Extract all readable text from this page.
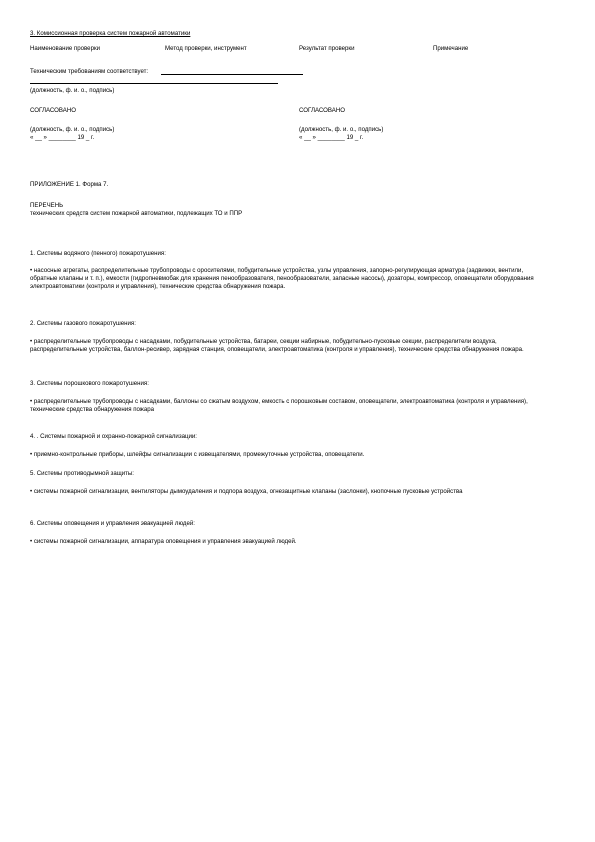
3. Комиссионная проверка систем пожарной автоматики
Наименование проверки	Метод проверки, инструмент	Результат проверки	Примечание
Техническим требованиям соответствует:
(должность, ф. и. о., подпись)
СОГЛАСОВАНО
(должность, ф. и. о., подпись)
« __ » ________ 19 _ г.
СОГЛАСОВАНО
(должность, ф. и. о., подпись)
« __ » ________ 19 _ г.
ПРИЛОЖЕНИЕ 1. Форма 7.
ПЕРЕЧЕНЬ
технических средств систем пожарной автоматики, подлежащих ТО и ППР
1. Системы водяного (пенного) пожаротушения:
• насосные агрегаты, распределительные трубопроводы с оросителями, побудительные устройства, узлы управления, запорно-регулирующая арматура (задвижки, вентили, обратные клапаны и т. п.), емкости (гидропневмобак для хранения пенообразователя, пенообразователи, запасные насосы), дозаторы, компрессор, оповещатели оборудования электроавтоматики (контроля и управления), технические средства обнаружения пожара.
2. Системы газового пожаротушения:
• распределительные трубопроводы с насадками, побудительные устройства, батареи, секции набирные, побудительно-пусковые секции, распределители воздуха, распределительные устройства, баллон-ресивер, зарядная станция, оповещатели, электроавтоматика (контроля и управления), технические средства обнаружения пожара.
3. Системы порошкового пожаротушения:
• распределительные трубопроводы с насадками, баллоны со сжатым воздухом, емкость с порошковым составом, оповещатели, электроавтоматика (контроля и управления), технические средства обнаружения пожара
4. . Системы пожарной и охранно-пожарной сигнализации:
• приемно-контрольные приборы, шлейфы сигнализации с извещателями, промежуточные устройства, оповещатели.
5. Системы противодымной защиты:
• системы пожарной сигнализации, вентиляторы дымоудаления и подпора воздуха, огнезащитные клапаны (заслонки), кнопочные пусковые устройства
6. Системы оповещения и управления эвакуацией людей:
• системы пожарной сигнализации, аппаратура оповещения и управления эвакуацией людей.
